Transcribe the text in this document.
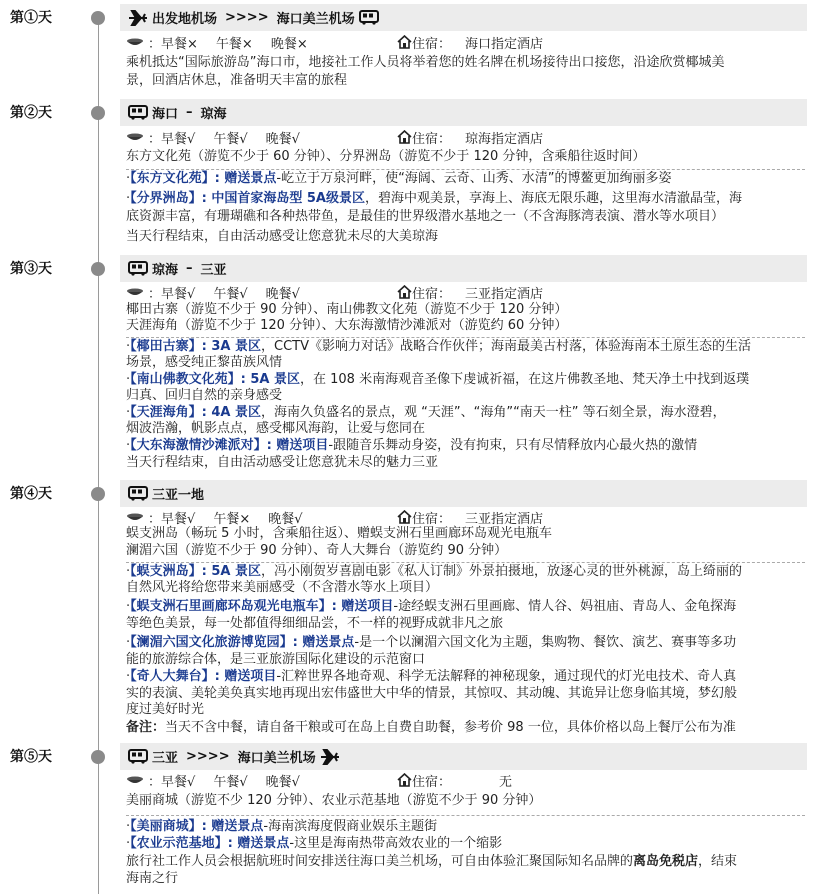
第①天	出发地机场 >>>> 海口美兰机场
： 早餐× 午餐× 晚餐×	住宿： 海口指定酒店
乘机抵达“国际旅游岛”海口市，地接社工作人员将举着您的姓名牌在机场接待出口接您，沿途欣赏椰城美
景，回酒店休息，准备明天丰富的旅程
第②天	海口 – 琼海
： 早餐√ 午餐√ 晚餐√	住宿： 琼海指定酒店
东方文化苑（游览不少于 60 分钟）、分界洲岛（游览不少于 120 分钟，含乘船往返时间）
·【东方文化苑】: 赠送景点-屹立于万泉河畔，使“海阔、云奇、山秀、水清”的博鳌更加绚丽多姿
·【分界洲岛】: 中国首家海岛型 5A级景区，碧海中观美景，享海上、海底无限乐趣，这里海水清澈晶莹，海
底资源丰富，有珊瑚礁和各种热带鱼，是最佳的世界级潜水基地之一（不含海豚湾表演、潜水等水项目）
当天行程结束，自由活动感受让您意犹未尽的大美琼海
第③天	琼海 – 三亚
： 早餐√ 午餐√ 晚餐√	住宿： 三亚指定酒店
椰田古寨（游览不少于 90 分钟）、南山佛教文化苑（游览不少于 120 分钟）
天涯海角（游览不少于 120 分钟）、大东海激情沙滩派对（游览约 60 分钟）
·【椰田古寨】: 3A 景区，CCTV《影响力对话》战略合作伙伴；海南最美古村落，体验海南本土原生态的生活
场景，感受纯正黎苗族风情
·【南山佛教文化苑】: 5A 景区，在 108 米南海观音圣像下虔诚祈福，在这片佛教圣地、梵天净土中找到返璞
归真、回归自然的亲身感受
·【天涯海角】: 4A 景区，海南久负盛名的景点，观 “天涯”、“海角”“南天一柱” 等石刻全景，海水澄碧，
烟波浩瀚，帆影点点，感受椰风海韵，让爱与您同在
·【大东海激情沙滩派对】: 赠送项目-跟随音乐舞动身姿，没有拘束，只有尽情释放内心最火热的激情
当天行程结束，自由活动感受让您意犹未尽的魅力三亚
第④天	三亚一地
： 早餐√ 午餐× 晚餐√	住宿： 三亚指定酒店
蜈支洲岛（畅玩 5 小时，含乘船往返）、赠蜈支洲石里画廊环岛观光电瓶车
澜湄六国（游览不少于 90 分钟）、奇人大舞台（游览约 90 分钟）
·【蜈支洲岛】: 5A 景区，冯小刚贺岁喜剧电影《私人订制》外景拍摄地，放逐心灵的世外桃源，岛上绮丽的
自然风光将给您带来美丽感受（不含潜水等水上项目）
·【蜈支洲石里画廊环岛观光电瓶车】: 赠送项目-途经蜈支洲石里画廊、情人谷、妈祖庙、青岛人、金龟探海
等绝色美景，每一处都值得细细品尝，不一样的视野成就非凡之旅
·【澜湄六国文化旅游博览园】: 赠送景点-是一个以澜湄六国文化为主题，集购物、餐饮、演艺、赛事等多功
能的旅游综合体，是三亚旅游国际化建设的示范窗口
·【奇人大舞台】: 赠送项目-汇粹世界各地奇观、科学无法解释的神秘现象，通过现代的灯光电技术、奇人真
实的表演、美轮美奂真实地再现出宏伟盛世大中华的情景，其惊叹、其动魄、其诡异让您身临其境，梦幻般
度过美好时光
备注：当天不含中餐，请自备干粮或可在岛上自费自助餐，参考价 98 一位，具体价格以岛上餐厅公布为准
第⑤天	三亚 >>>> 海口美兰机场
： 早餐√ 午餐√ 晚餐√	住宿：	无
美丽商城（游览不少 120 分钟）、农业示范基地（游览不少于 90 分钟）
·【美丽商城】: 赠送景点-海南滨海度假商业娱乐主题街
·【农业示范基地】: 赠送景点-这里是海南热带高效农业的一个缩影
旅行社工作人员会根据航班时间安排送往海口美兰机场，可自由体验汇聚国际知名品牌的离岛免税店，结束
海南之行
